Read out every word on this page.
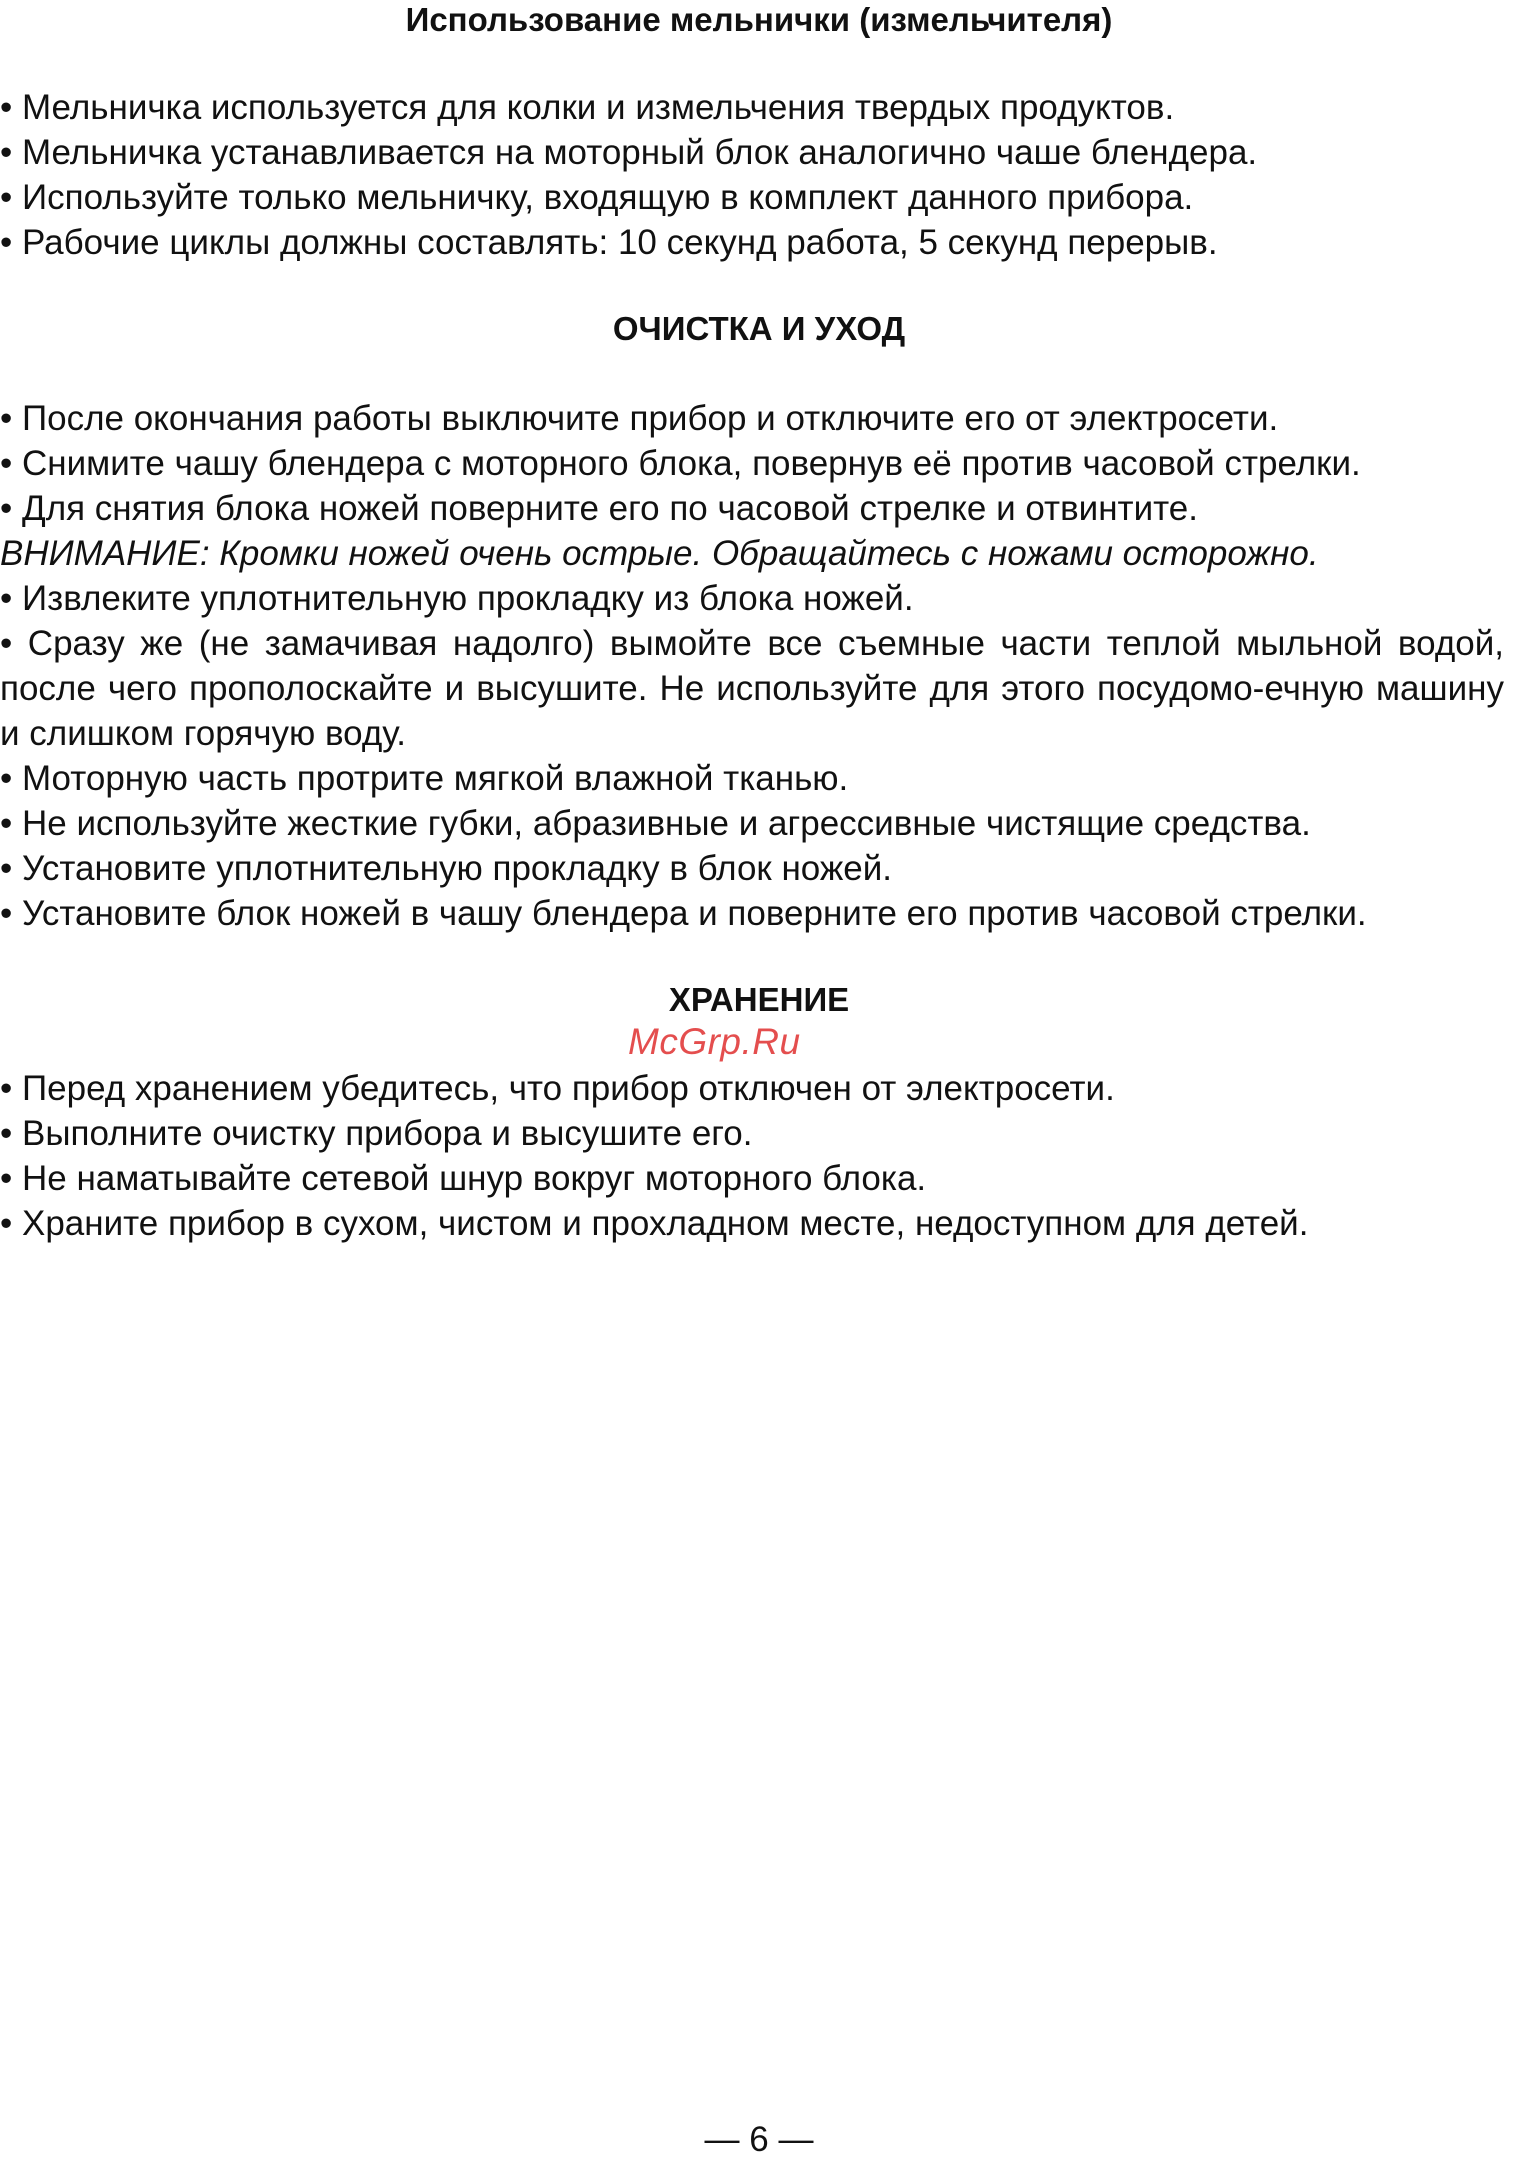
Использование мельнички (измельчителя)
• Мельничка используется для колки и измельчения твердых продуктов.
• Мельничка устанавливается на моторный блок аналогично чаше блендера.
• Используйте только мельничку, входящую в комплект данного прибора.
• Рабочие циклы должны составлять: 10 секунд работа, 5 секунд перерыв.
ОЧИСТКА И УХОД
• После окончания работы выключите прибор и отключите его от электросети.
• Снимите чашу блендера с моторного блока, повернув её против часовой стрелки.
• Для снятия блока ножей поверните его по часовой стрелке и отвинтите.
ВНИМАНИЕ: Кромки ножей очень острые. Обращайтесь с ножами осторожно.
• Извлеките уплотнительную прокладку из блока ножей.
• Сразу же (не замачивая надолго) вымойте все съемные части теплой мыльной водой, после чего прополоскайте и высушите. Не используйте для этого посудомо-ечную машину и слишком горячую воду.
• Моторную часть протрите мягкой влажной тканью.
• Не используйте жесткие губки, абразивные и агрессивные чистящие средства.
• Установите уплотнительную прокладку в блок ножей.
• Установите блок ножей в чашу блендера и поверните его против часовой стрелки.
ХРАНЕНИЕ
• Перед хранением убедитесь, что прибор отключен от электросети.
• Выполните очистку прибора и высушите его.
• Не наматывайте сетевой шнур вокруг моторного блока.
• Храните прибор в сухом, чистом и прохладном месте, недоступном для детей.
McGrp.Ru
— 6 —
